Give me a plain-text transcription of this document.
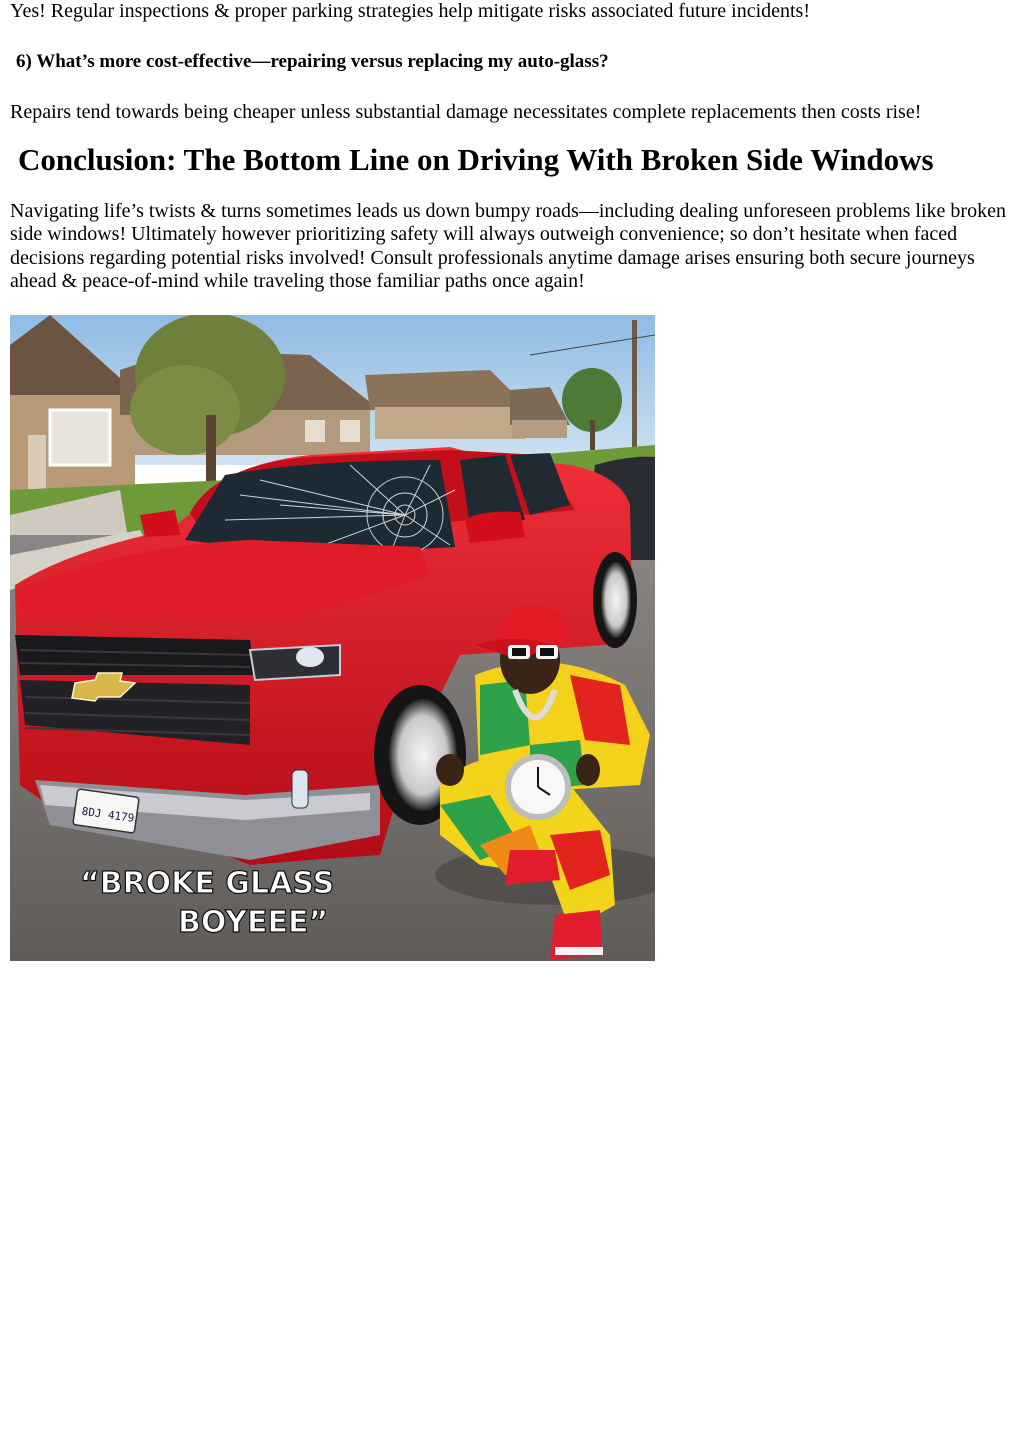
Yes! Regular inspections & proper parking strategies help mitigate risks associated future incidents!

6) What’s more cost-effective—repairing versus replacing my auto-glass?

Repairs tend towards being cheaper unless substantial damage necessitates complete replacements then costs rise!

Conclusion: The Bottom Line on Driving With Broken Side Windows

Navigating life’s twists & turns sometimes leads us down bumpy roads—including dealing unforeseen problems like broken side windows! Ultimately however prioritizing safety will always outweigh convenience; so don’t hesitate when faced decisions regarding potential risks involved! Consult professionals anytime damage arises ensuring both secure journeys ahead & peace-of-mind while traveling those familiar paths once again!

“BROKE GLASS
BOYEEE”
8DJ 4179
